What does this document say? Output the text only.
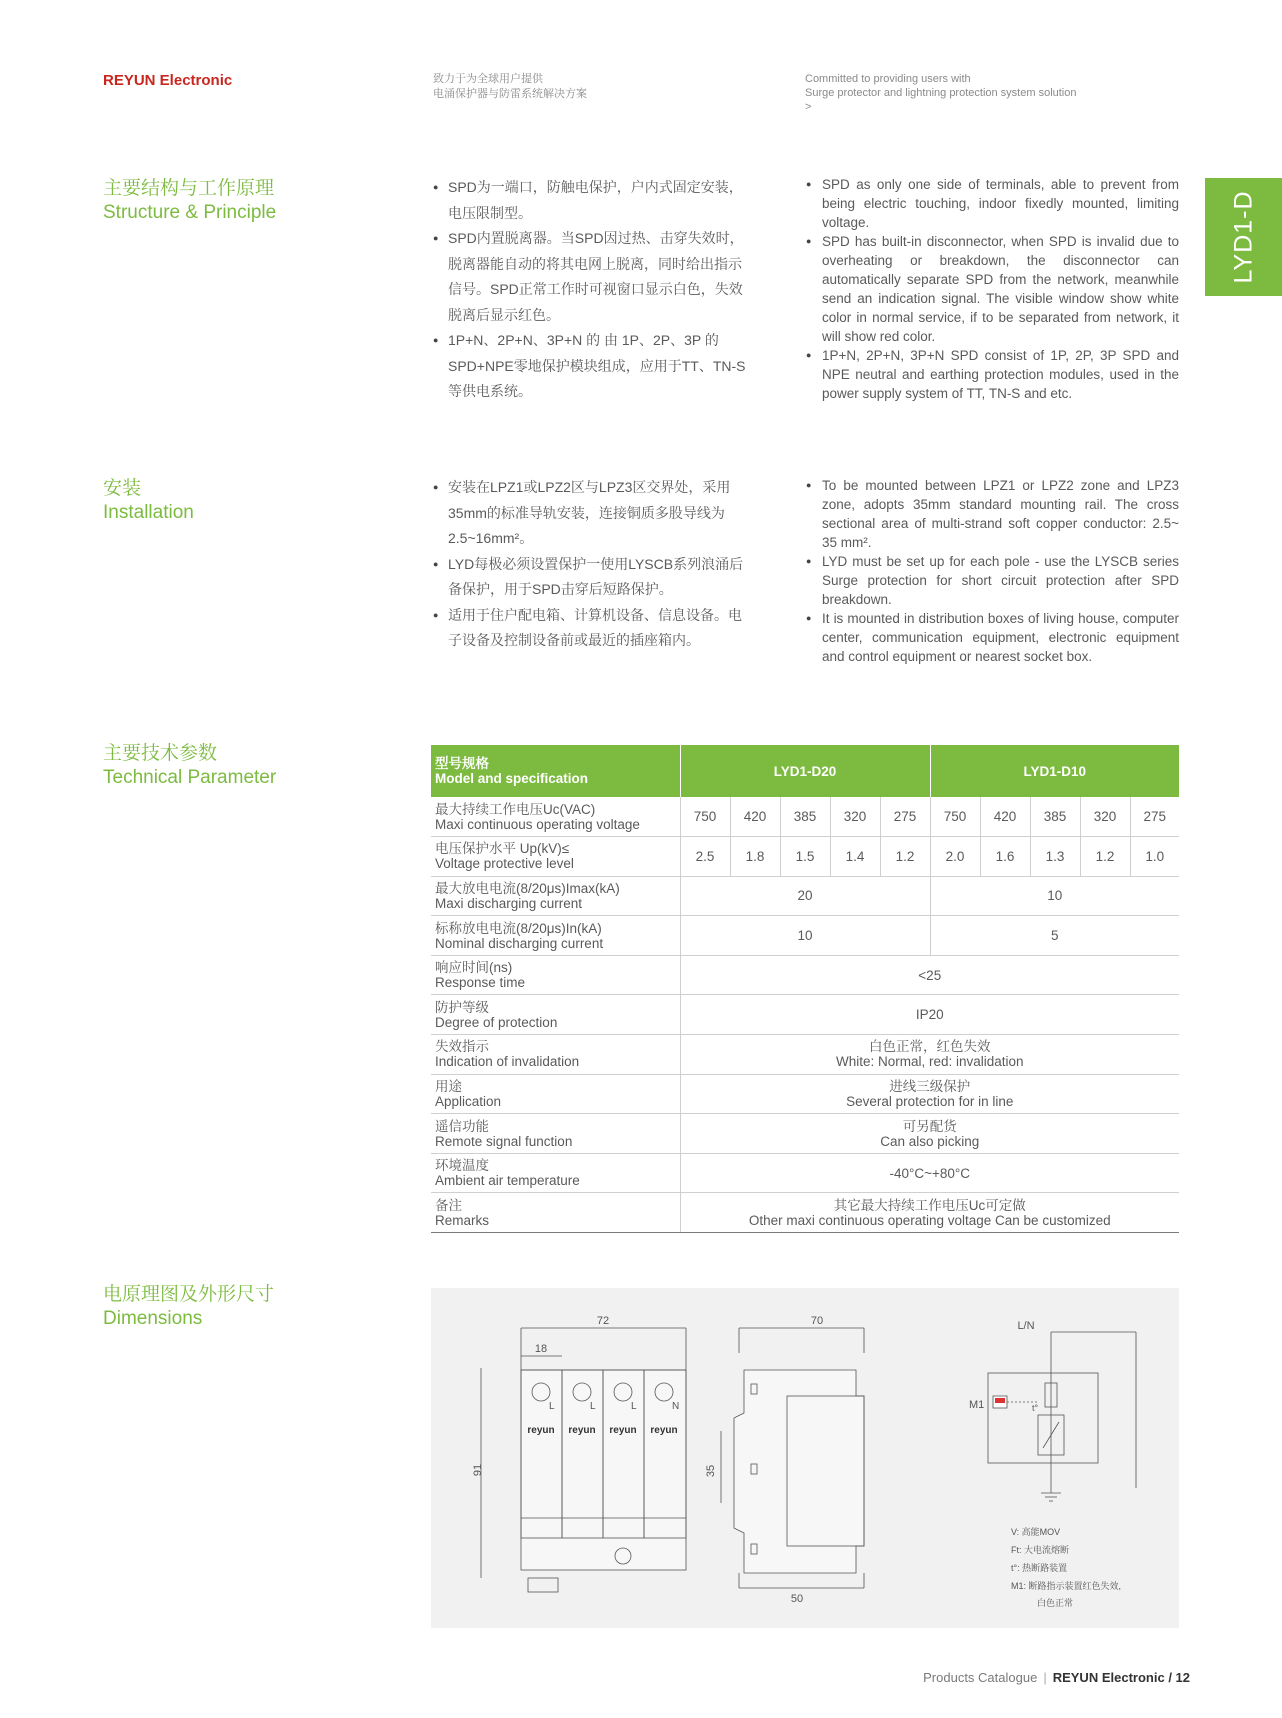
REYUN Electronic	致力于为全球用户提供
电涌保护器与防雷系统解决方案
Committed to providing users with
Surge protector and lightning protection system solution
>
LYD1-D
主要结构与工作原理
Structure & Principle
● SPD为一端口，防触电保护，户内式固定安装，电压限制型。
● SPD内置脱离器。当SPD因过热、击穿失效时，脱离器能自动的将其电网上脱离，同时给出指示信号。SPD正常工作时可视窗口显示白色，失效脱离后显示红色。
● 1P+N、2P+N、3P+N 的 由 1P、2P、3P 的SPD+NPE零地保护模块组成，应用于TT、TN-S等供电系统。
● SPD as only one side of terminals, able to prevent from being electric touching, indoor fixedly mounted, limiting voltage.
● SPD has built-in disconnector, when SPD is invalid due to overheating or breakdown, the disconnector can automatically separate SPD from the network, meanwhile send an indication signal. The visible window show white color in normal service, if to be separated from network, it will show red color.
● 1P+N, 2P+N, 3P+N SPD consist of 1P, 2P, 3P SPD and NPE neutral and earthing protection modules, used in the power supply system of TT, TN-S and etc.
安装
Installation
● 安装在LPZ1或LPZ2区与LPZ3区交界处，采用35mm的标准导轨安装，连接铜质多股导线为2.5~16mm²。
● LYD每极必须设置保护一使用LYSCB系列浪涌后备保护，用于SPD击穿后短路保护。
● 适用于住户配电箱、计算机设备、信息设备。电子设备及控制设备前或最近的插座箱内。
● To be mounted between LPZ1 or LPZ2 zone and LPZ3 zone, adopts 35mm standard mounting rail. The cross sectional area of multi-strand soft copper conductor: 2.5~ 35 mm².
● LYD must be set up for each pole - use the LYSCB series Surge protection for short circuit protection after SPD breakdown.
● It is mounted in distribution boxes of living house, computer center, communication equipment, electronic equipment and control equipment or nearest socket box.
主要技术参数
Technical Parameter
型号规格
Model and specification	LYD1-D20					LYD1-D10				

最大持续工作电压Uc(VAC)
Maxi continuous operating voltage	750	420	385	320	275	750	420	385	320	275

电压保护水平 Up(kV)≤
Voltage protective level	2.5	1.8	1.5	1.4	1.2	2.0	1.6	1.3	1.2	1.0

最大放电电流(8/20μs)Imax(kA)
Maxi discharging current	20					10				

标称放电电流(8/20μs)In(kA)
Nominal discharging current	10					5				

响应时间(ns)
Response time	<25									

防护等级
Degree of protection	IP20									

失效指示
Indication of invalidation	白色正常，红色失效
White: Normal, red: invalidation									

用途
Application	进线三级保护
Several protection for in line									

遥信功能
Remote signal function	可另配货
Can also picking									

环境温度
Ambient air temperature	-40°C~+80°C									

备注
Remarks	其它最大持续工作电压Uc可定做
Other maxi continuous operating voltage Can be customized									
电原理图及外形尺寸
Dimensions	72
18
91
L	L	L	N
reyun reyun reyun reyun
70
35
50
L/N
M1	t°
V: 高能MOV
Ft: 大电流熔断
t°: 热断路装置
M1: 断路指示装置红色失效,
白色正常
Products Catalogue | REYUN Electronic / 12
